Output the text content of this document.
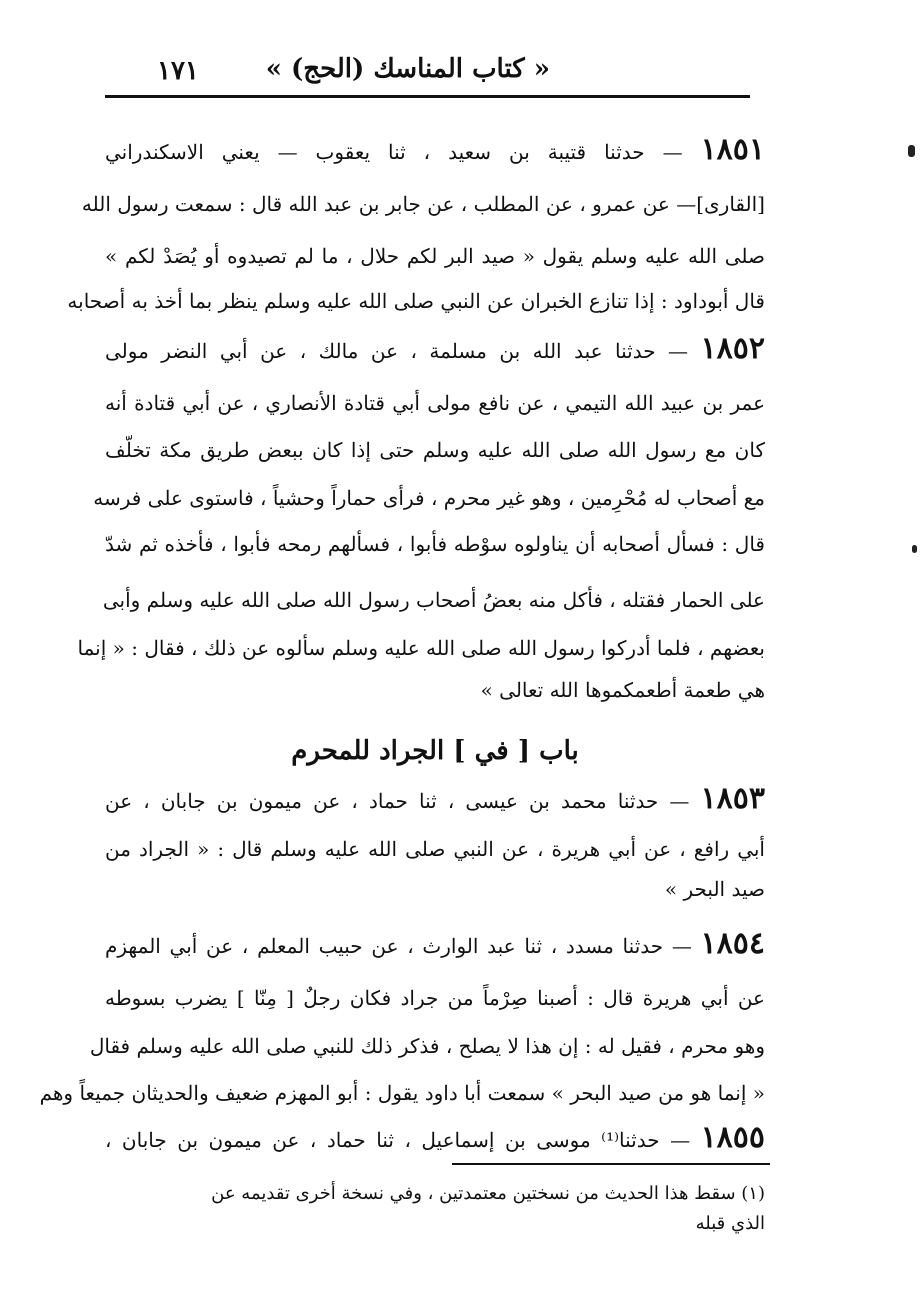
« كتاب المناسك (الحج) »
١٧١
١٨٥١ — حدثنا قتيبة بن سعيد ، ثنا يعقوب — يعني الاسكندراني
[القارى]— عن عمرو ، عن المطلب ، عن جابر بن عبد الله قال : سمعت رسول الله
صلى الله عليه وسلم يقول « صيد البر لكم حلال ، ما لم تصيدوه أو يُصَدْ لكم »
قال أبوداود : إذا تنازع الخبران عن النبي صلى الله عليه وسلم ينظر بما أخذ به أصحابه
١٨٥٢ — حدثنا عبد الله بن مسلمة ، عن مالك ، عن أبي النضر مولى
عمر بن عبيد الله التيمي ، عن نافع مولى أبي قتادة الأنصاري ، عن أبي قتادة أنه
كان مع رسول الله صلى الله عليه وسلم حتى إذا كان ببعض طريق مكة تخلّف
مع أصحاب له مُحْرِمين ، وهو غير محرم ، فرأى حماراً وحشياً ، فاستوى على فرسه
قال : فسأل أصحابه أن يناولوه سوْطه فأبوا ، فسألهم رمحه فأبوا ، فأخذه ثم شدّ
على الحمار فقتله ، فأكل منه بعضُ أصحاب رسول الله صلى الله عليه وسلم وأبى
بعضهم ، فلما أدركوا رسول الله صلى الله عليه وسلم سألوه عن ذلك ، فقال : « إنما
هي طعمة أطعمكموها الله تعالى »
باب [ في ] الجراد للمحرم
١٨٥٣ — حدثنا محمد بن عيسى ، ثنا حماد ، عن ميمون بن جابان ، عن
أبي رافع ، عن أبي هريرة ، عن النبي صلى الله عليه وسلم قال : « الجراد من
صيد البحر »
١٨٥٤ — حدثنا مسدد ، ثنا عبد الوارث ، عن حبيب المعلم ، عن أبي المهزم
عن أبي هريرة قال : أصبنا صِرْماً من جراد فكان رجلٌ [ مِنّا ] يضرب بسوطه
وهو محرم ، فقيل له : إن هذا لا يصلح ، فذكر ذلك للنبي صلى الله عليه وسلم فقال
« إنما هو من صيد البحر » سمعت أبا داود يقول : أبو المهزم ضعيف والحديثان جميعاً وهم
١٨٥٥ — حدثنا⁽¹⁾ موسى بن إسماعيل ، ثنا حماد ، عن ميمون بن جابان ،
(١) سقط هذا الحديث من نسختين معتمدتين ، وفي نسخة أخرى تقديمه عن
الذي قبله
